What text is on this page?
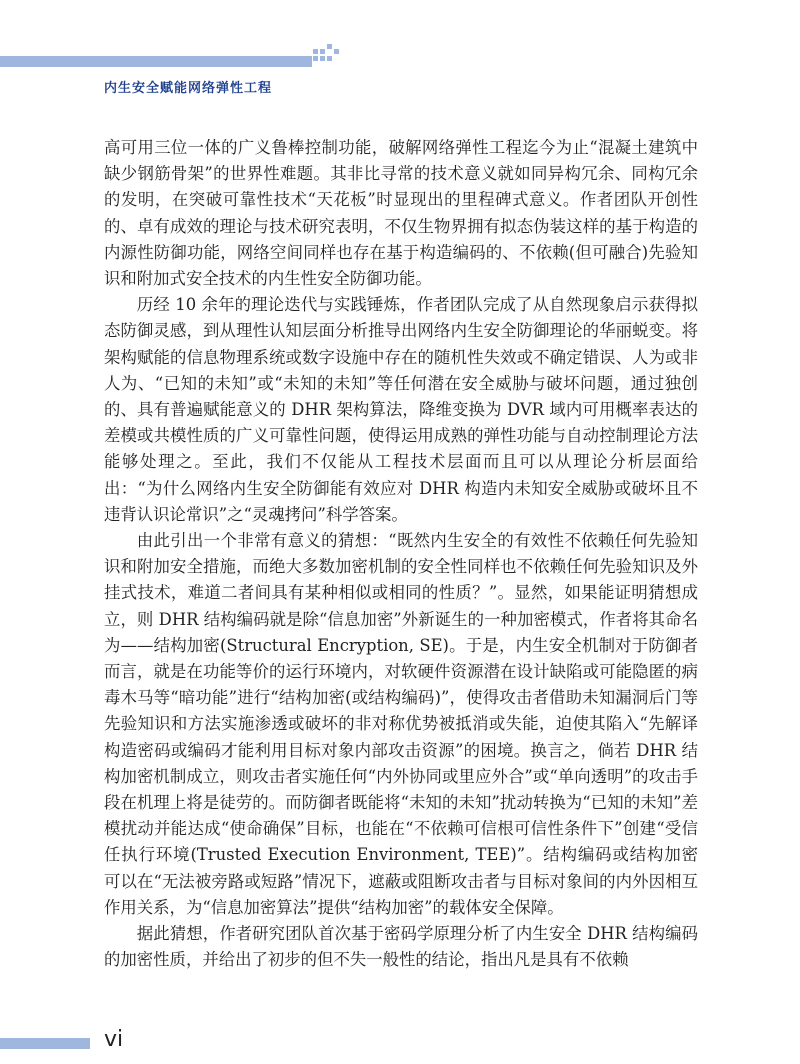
内生安全赋能网络弹性工程

高可用三位一体的广义鲁棒控制功能，破解网络弹性工程迄今为止“混凝土建筑中缺少钢筋骨架”的世界性难题。其非比寻常的技术意义就如同异构冗余、同构冗余的发明，在突破可靠性技术“天花板”时显现出的里程碑式意义。作者团队开创性的、卓有成效的理论与技术研究表明，不仅生物界拥有拟态伪装这样的基于构造的内源性防御功能，网络空间同样也存在基于构造编码的、不依赖(但可融合)先验知识和附加式安全技术的内生性安全防御功能。

历经 10 余年的理论迭代与实践锤炼，作者团队完成了从自然现象启示获得拟态防御灵感，到从理性认知层面分析推导出网络内生安全防御理论的华丽蜕变。将架构赋能的信息物理系统或数字设施中存在的随机性失效或不确定错误、人为或非人为、“已知的未知”或“未知的未知”等任何潜在安全威胁与破坏问题，通过独创的、具有普遍赋能意义的 DHR 架构算法，降维变换为 DVR 域内可用概率表达的差模或共模性质的广义可靠性问题，使得运用成熟的弹性功能与自动控制理论方法能够处理之。至此，我们不仅能从工程技术层面而且可以从理论分析层面给出：“为什么网络内生安全防御能有效应对 DHR 构造内未知安全威胁或破坏且不违背认识论常识”之“灵魂拷问”科学答案。

由此引出一个非常有意义的猜想：“既然内生安全的有效性不依赖任何先验知识和附加安全措施，而绝大多数加密机制的安全性同样也不依赖任何先验知识及外挂式技术，难道二者间具有某种相似或相同的性质？”。显然，如果能证明猜想成立，则 DHR 结构编码就是除“信息加密”外新诞生的一种加密模式，作者将其命名为——结构加密(Structural Encryption, SE)。于是，内生安全机制对于防御者而言，就是在功能等价的运行环境内，对软硬件资源潜在设计缺陷或可能隐匿的病毒木马等“暗功能”进行“结构加密(或结构编码)”，使得攻击者借助未知漏洞后门等先验知识和方法实施渗透或破坏的非对称优势被抵消或失能，迫使其陷入“先解译构造密码或编码才能利用目标对象内部攻击资源”的困境。换言之，倘若 DHR 结构加密机制成立，则攻击者实施任何“内外协同或里应外合”或“单向透明”的攻击手段在机理上将是徒劳的。而防御者既能将“未知的未知”扰动转换为“已知的未知”差模扰动并能达成“使命确保”目标，也能在“不依赖可信根可信性条件下”创建“受信任执行环境(Trusted Execution Environment, TEE)”。结构编码或结构加密可以在“无法被旁路或短路”情况下，遮蔽或阻断攻击者与目标对象间的内外因相互作用关系，为“信息加密算法”提供“结构加密”的载体安全保障。

据此猜想，作者研究团队首次基于密码学原理分析了内生安全 DHR 结构编码的加密性质，并给出了初步的但不失一般性的结论，指出凡是具有不依赖

vi
